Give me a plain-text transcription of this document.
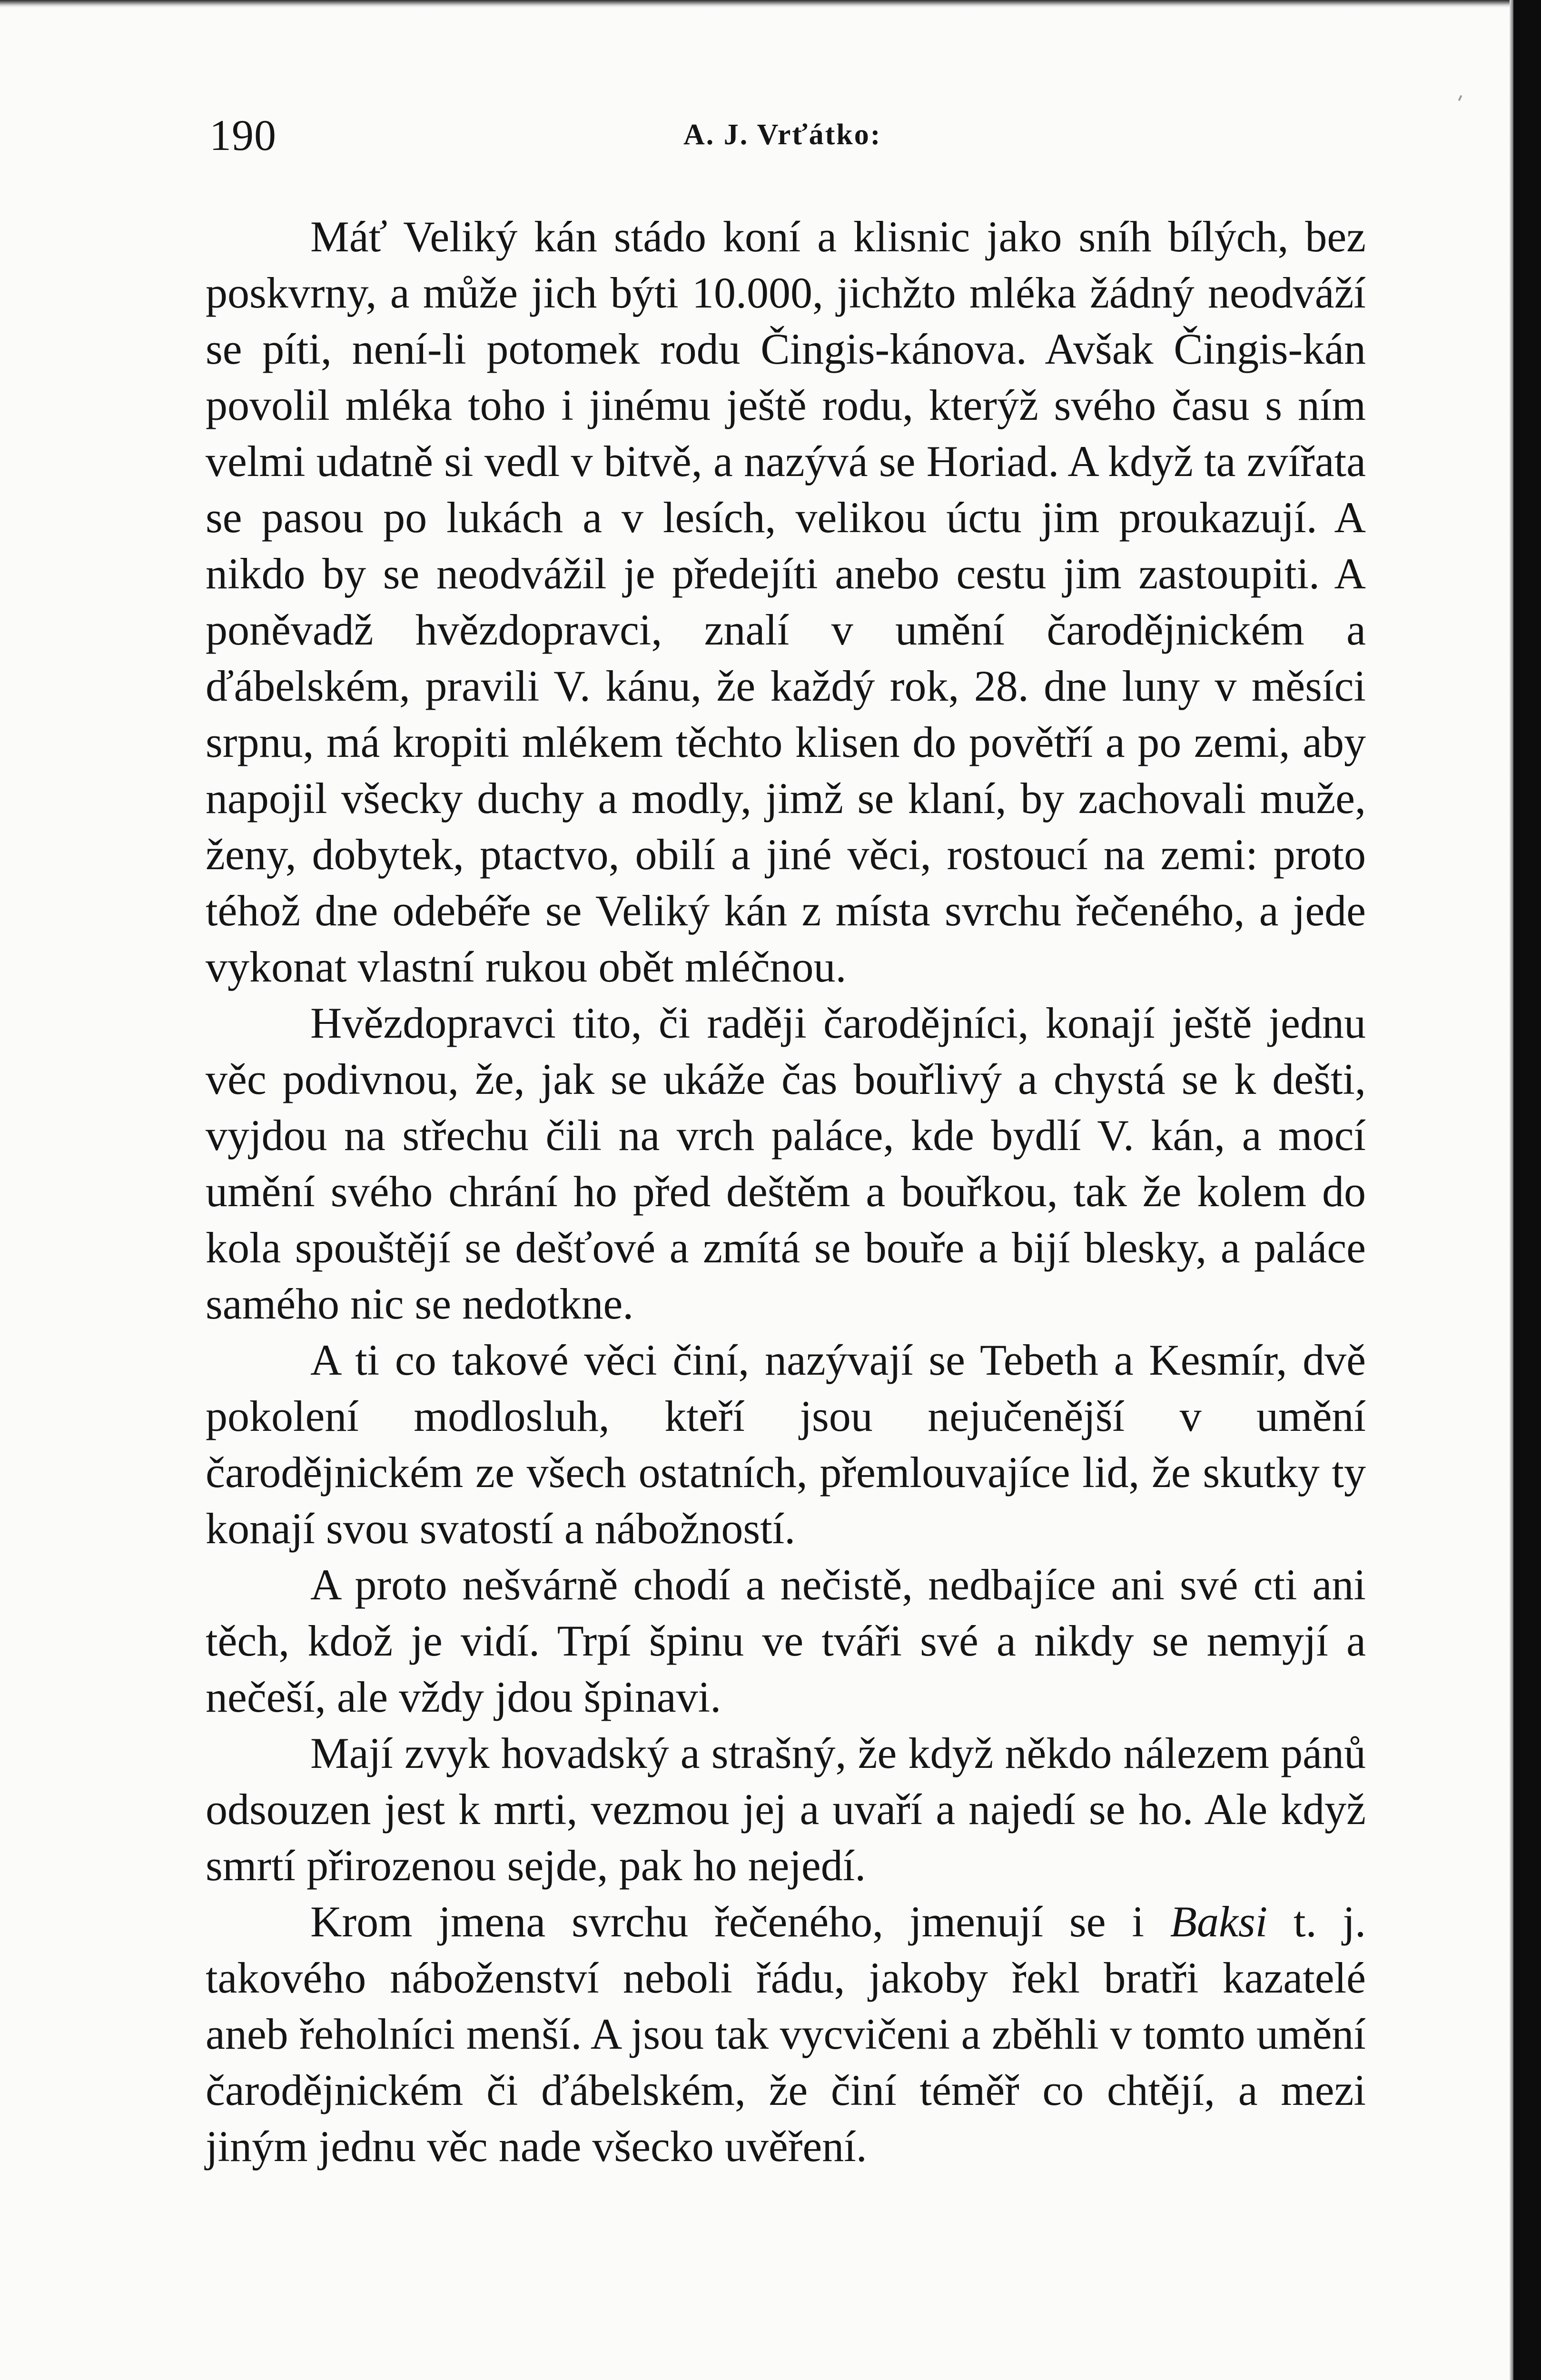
190	A. J. Vrťátko:

Máť Veliký kán stádo koní a klisnic jako sníh bílých, bez poskvrny, a může jich býti 10.000, jichžto mléka žádný neodváží se píti, není-li potomek rodu Čingis-kánova. Avšak Čingis-kán povolil mléka toho i jinému ještě rodu, kterýž svého času s ním velmi udatně si vedl v bitvě, a nazývá se Horiad. A když ta zvířata se pasou po lukách a v lesích, velikou úctu jim proukazují. A nikdo by se neodvážil je předejíti anebo cestu jim zastoupiti. A poněvadž hvězdopravci, znalí v umění čarodějnickém a ďábelském, pravili V. kánu, že každý rok, 28. dne luny v měsíci srpnu, má kropiti mlékem těchto klisen do povětří a po zemi, aby napojil všecky duchy a modly, jimž se klaní, by zachovali muže, ženy, dobytek, ptactvo, obilí a jiné věci, rostoucí na zemi: proto téhož dne odebéře se Veliký kán z místa svrchu řečeného, a jede vykonat vlastní rukou obět mléčnou.

Hvězdopravci tito, či raději čarodějníci, konají ještě jednu věc podivnou, že, jak se ukáže čas bouřlivý a chystá se k dešti, vyjdou na střechu čili na vrch paláce, kde bydlí V. kán, a mocí umění svého chrání ho před deštěm a bouřkou, tak že kolem do kola spouštějí se dešťové a zmítá se bouře a bijí blesky, a paláce samého nic se nedotkne.

A ti co takové věci činí, nazývají se Tebeth a Kesmír, dvě pokolení modlosluh, kteří jsou nejučenější v umění čarodějnickém ze všech ostatních, přemlouvajíce lid, že skutky ty konají svou svatostí a nábožností.

A proto nešvárně chodí a nečistě, nedbajíce ani své cti ani těch, kdož je vidí. Trpí špinu ve tváři své a nikdy se nemyjí a nečeší, ale vždy jdou špinavi.

Mají zvyk hovadský a strašný, že když někdo nálezem pánů odsouzen jest k mrti, vezmou jej a uvaří a najedí se ho. Ale když smrtí přirozenou sejde, pak ho nejedí.

Krom jmena svrchu řečeného, jmenují se i Baksi t. j. takového náboženství neboli řádu, jakoby řekl bratři kazatelé aneb řeholníci menší. A jsou tak vycvičeni a zběhli v tomto umění čarodějnickém či ďábelském, že činí téměř co chtějí, a mezi jiným jednu věc nade všecko uvěření.
